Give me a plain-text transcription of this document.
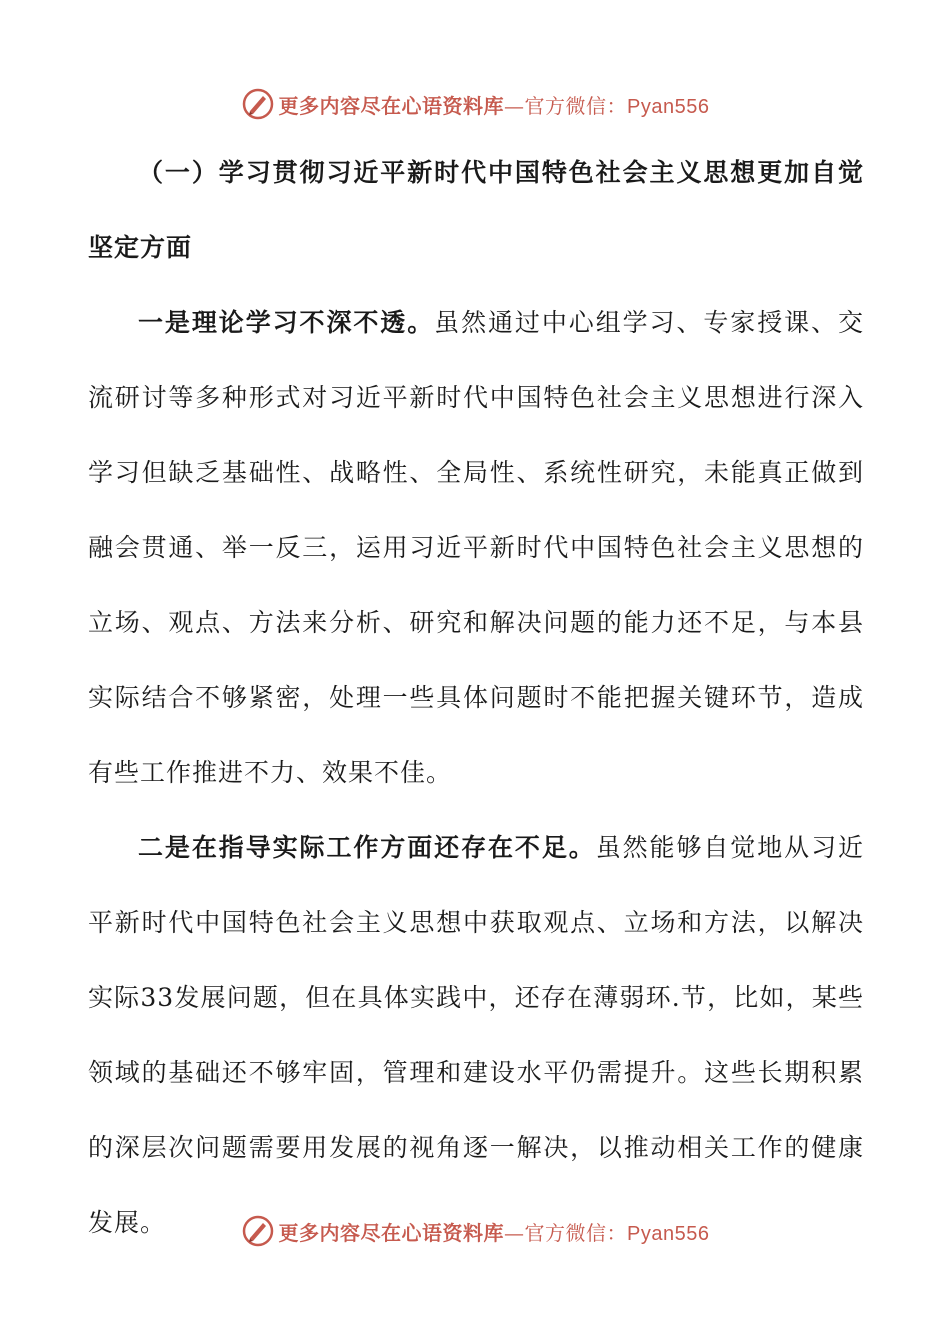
更多内容尽在心语资料库—官方微信：Pyan556

（一）学习贯彻习近平新时代中国特色社会主义思想更加自觉坚定方面

一是理论学习不深不透。虽然通过中心组学习、专家授课、交流研讨等多种形式对习近平新时代中国特色社会主义思想进行深入学习但缺乏基础性、战略性、全局性、系统性研究，未能真正做到融会贯通、举一反三，运用习近平新时代中国特色社会主义思想的立场、观点、方法来分析、研究和解决问题的能力还不足，与本县实际结合不够紧密，处理一些具体问题时不能把握关键环节，造成有些工作推进不力、效果不佳。

二是在指导实际工作方面还存在不足。虽然能够自觉地从习近平新时代中国特色社会主义思想中获取观点、立场和方法，以解决实际33发展问题，但在具体实践中，还存在薄弱环.节，比如，某些领域的基础还不够牢固，管理和建设水平仍需提升。这些长期积累的深层次问题需要用发展的视角逐一解决，以推动相关工作的健康发展。	更多内容尽在心语资料库—官方微信：Pyan556
